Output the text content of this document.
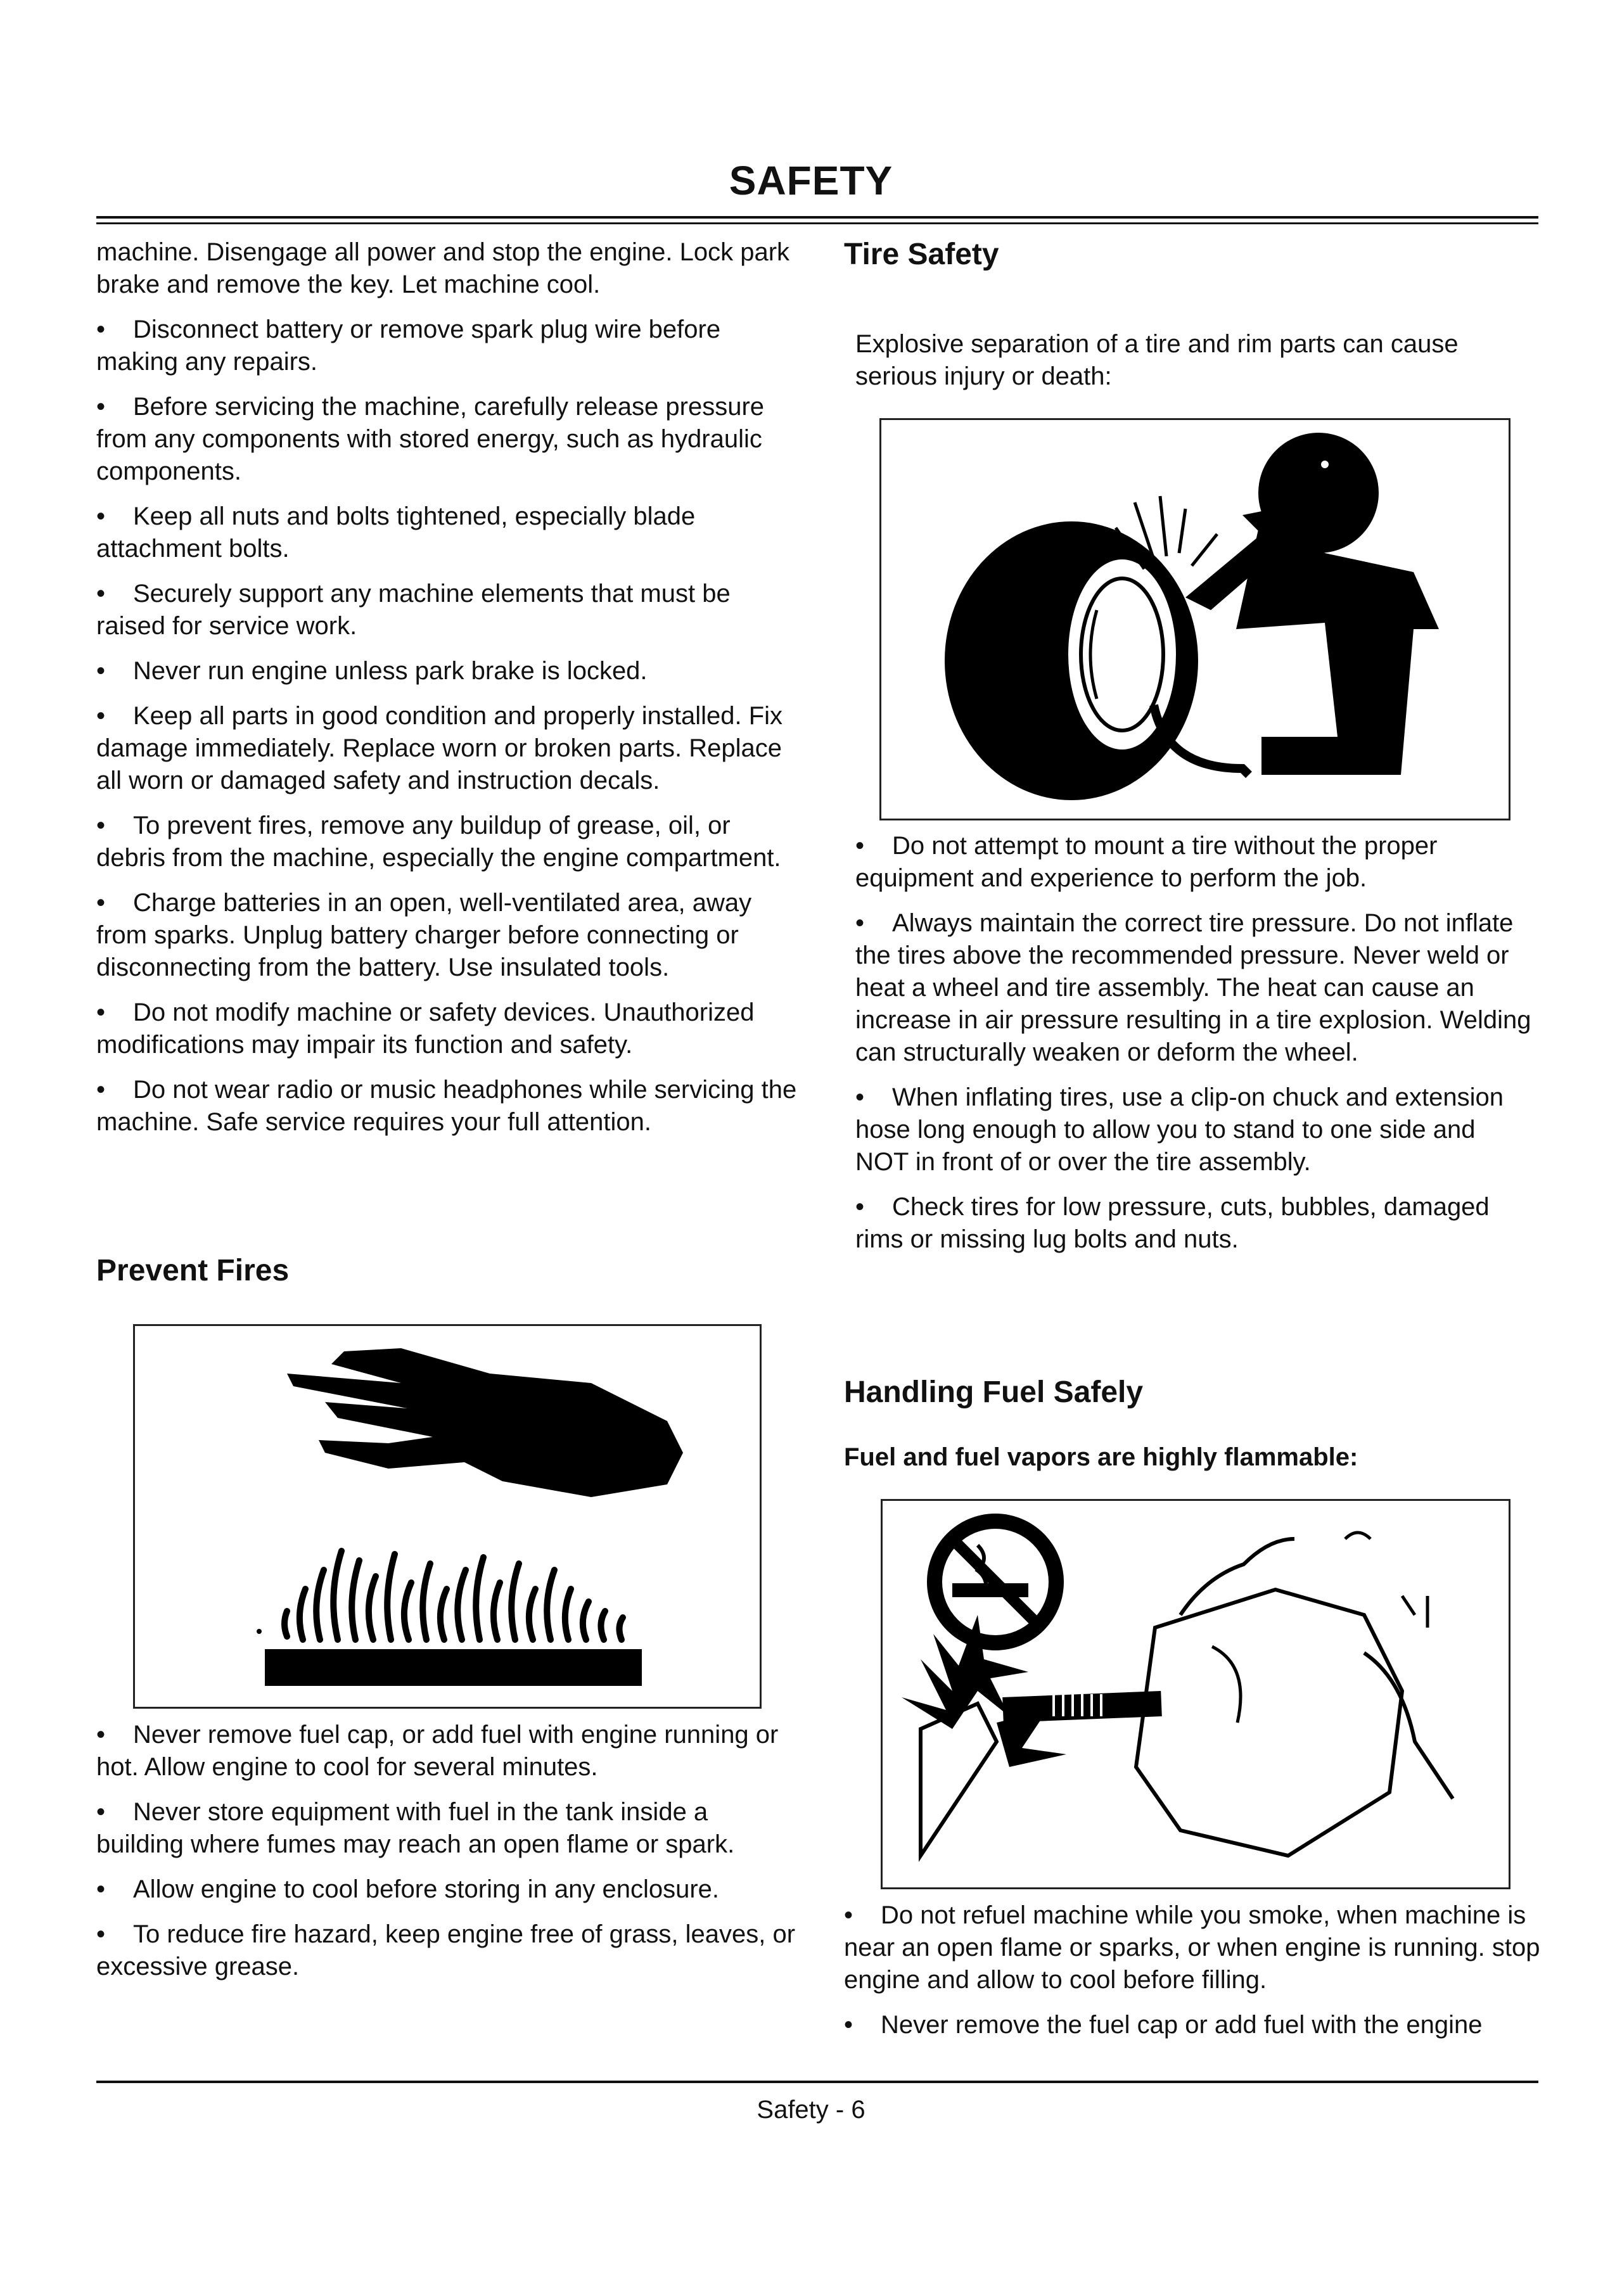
SAFETY

machine. Disengage all power and stop the engine. Lock park brake and remove the key. Let machine cool.

• Disconnect battery or remove spark plug wire before making any repairs.

• Before servicing the machine, carefully release pressure from any components with stored energy, such as hydraulic components.

• Keep all nuts and bolts tightened, especially blade attachment bolts.

• Securely support any machine elements that must be raised for service work.

• Never run engine unless park brake is locked.

• Keep all parts in good condition and properly installed. Fix damage immediately. Replace worn or broken parts. Replace all worn or damaged safety and instruction decals.

• To prevent fires, remove any buildup of grease, oil, or debris from the machine, especially the engine compartment.

• Charge batteries in an open, well-ventilated area, away from sparks. Unplug battery charger before connecting or disconnecting from the battery. Use insulated tools.

• Do not modify machine or safety devices. Unauthorized modifications may impair its function and safety.

• Do not wear radio or music headphones while servicing the machine. Safe service requires your full attention.

Prevent Fires

• Never remove fuel cap, or add fuel with engine running or hot. Allow engine to cool for several minutes.

• Never store equipment with fuel in the tank inside a building where fumes may reach an open flame or spark.

• Allow engine to cool before storing in any enclosure.

• To reduce fire hazard, keep engine free of grass, leaves, or excessive grease.

Tire Safety
Explosive separation of a tire and rim parts can cause serious injury or death:

• Do not attempt to mount a tire without the proper equipment and experience to perform the job.

• Always maintain the correct tire pressure. Do not inflate the tires above the recommended pressure. Never weld or heat a wheel and tire assembly. The heat can cause an increase in air pressure resulting in a tire explosion. Welding can structurally weaken or deform the wheel.

• When inflating tires, use a clip-on chuck and extension hose long enough to allow you to stand to one side and NOT in front of or over the tire assembly.

• Check tires for low pressure, cuts, bubbles, damaged rims or missing lug bolts and nuts.

Handling Fuel Safely
Fuel and fuel vapors are highly flammable:

• Do not refuel machine while you smoke, when machine is near an open flame or sparks, or when engine is running. stop engine and allow to cool before filling.

• Never remove the fuel cap or add fuel with the engine

Safety - 6
